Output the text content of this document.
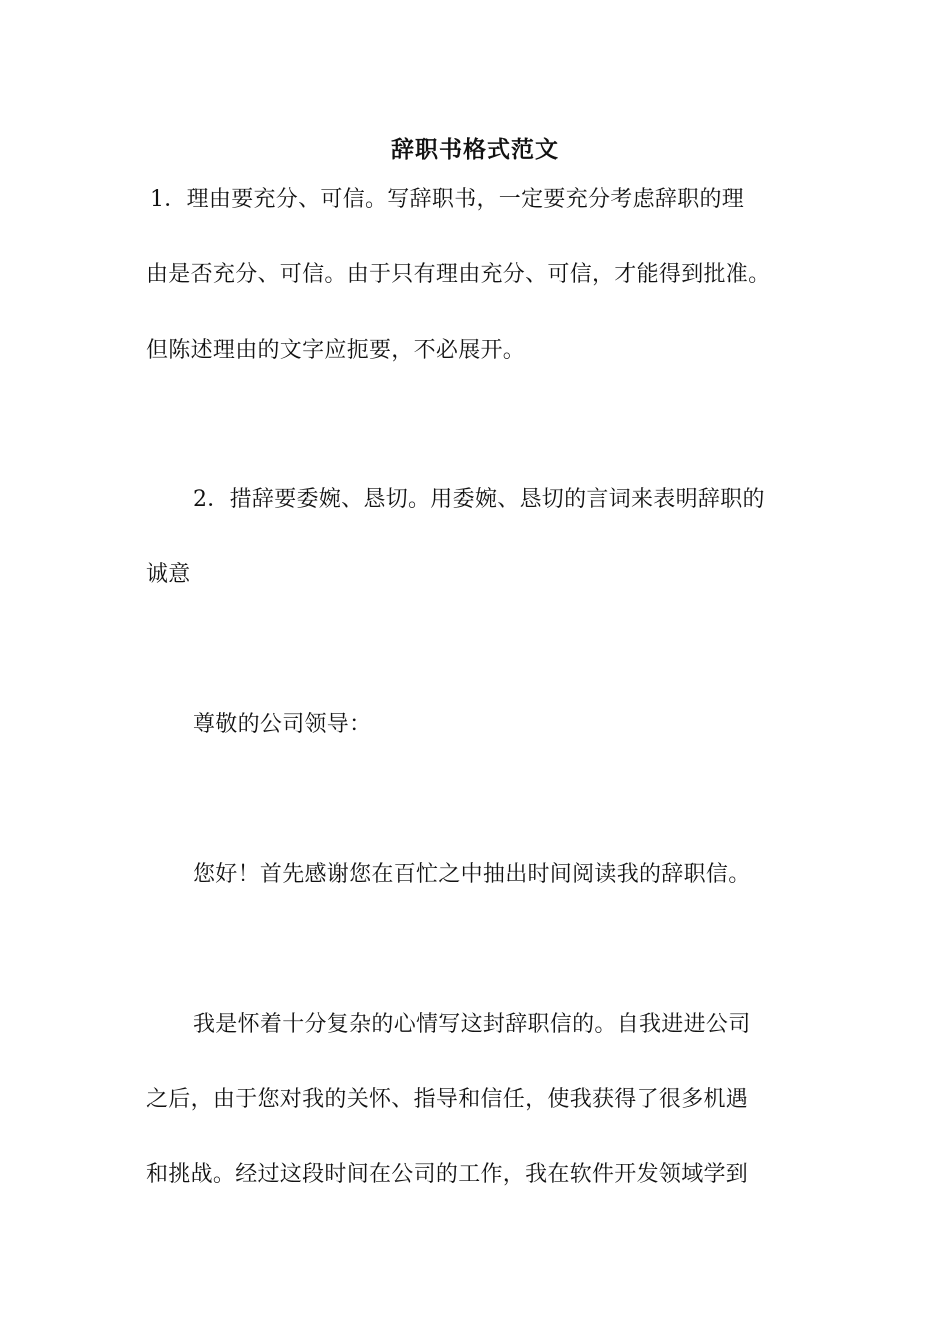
辞职书格式范文

1．理由要充分、可信。写辞职书，一定要充分考虑辞职的理

由是否充分、可信。由于只有理由充分、可信，才能得到批准。

但陈述理由的文字应扼要，不必展开。

2．措辞要委婉、恳切。用委婉、恳切的言词来表明辞职的

诚意

尊敬的公司领导：

您好！首先感谢您在百忙之中抽出时间阅读我的辞职信。

我是怀着十分复杂的心情写这封辞职信的。自我进进公司

之后，由于您对我的关怀、指导和信任，使我获得了很多机遇

和挑战。经过这段时间在公司的工作，我在软件开发领域学到
